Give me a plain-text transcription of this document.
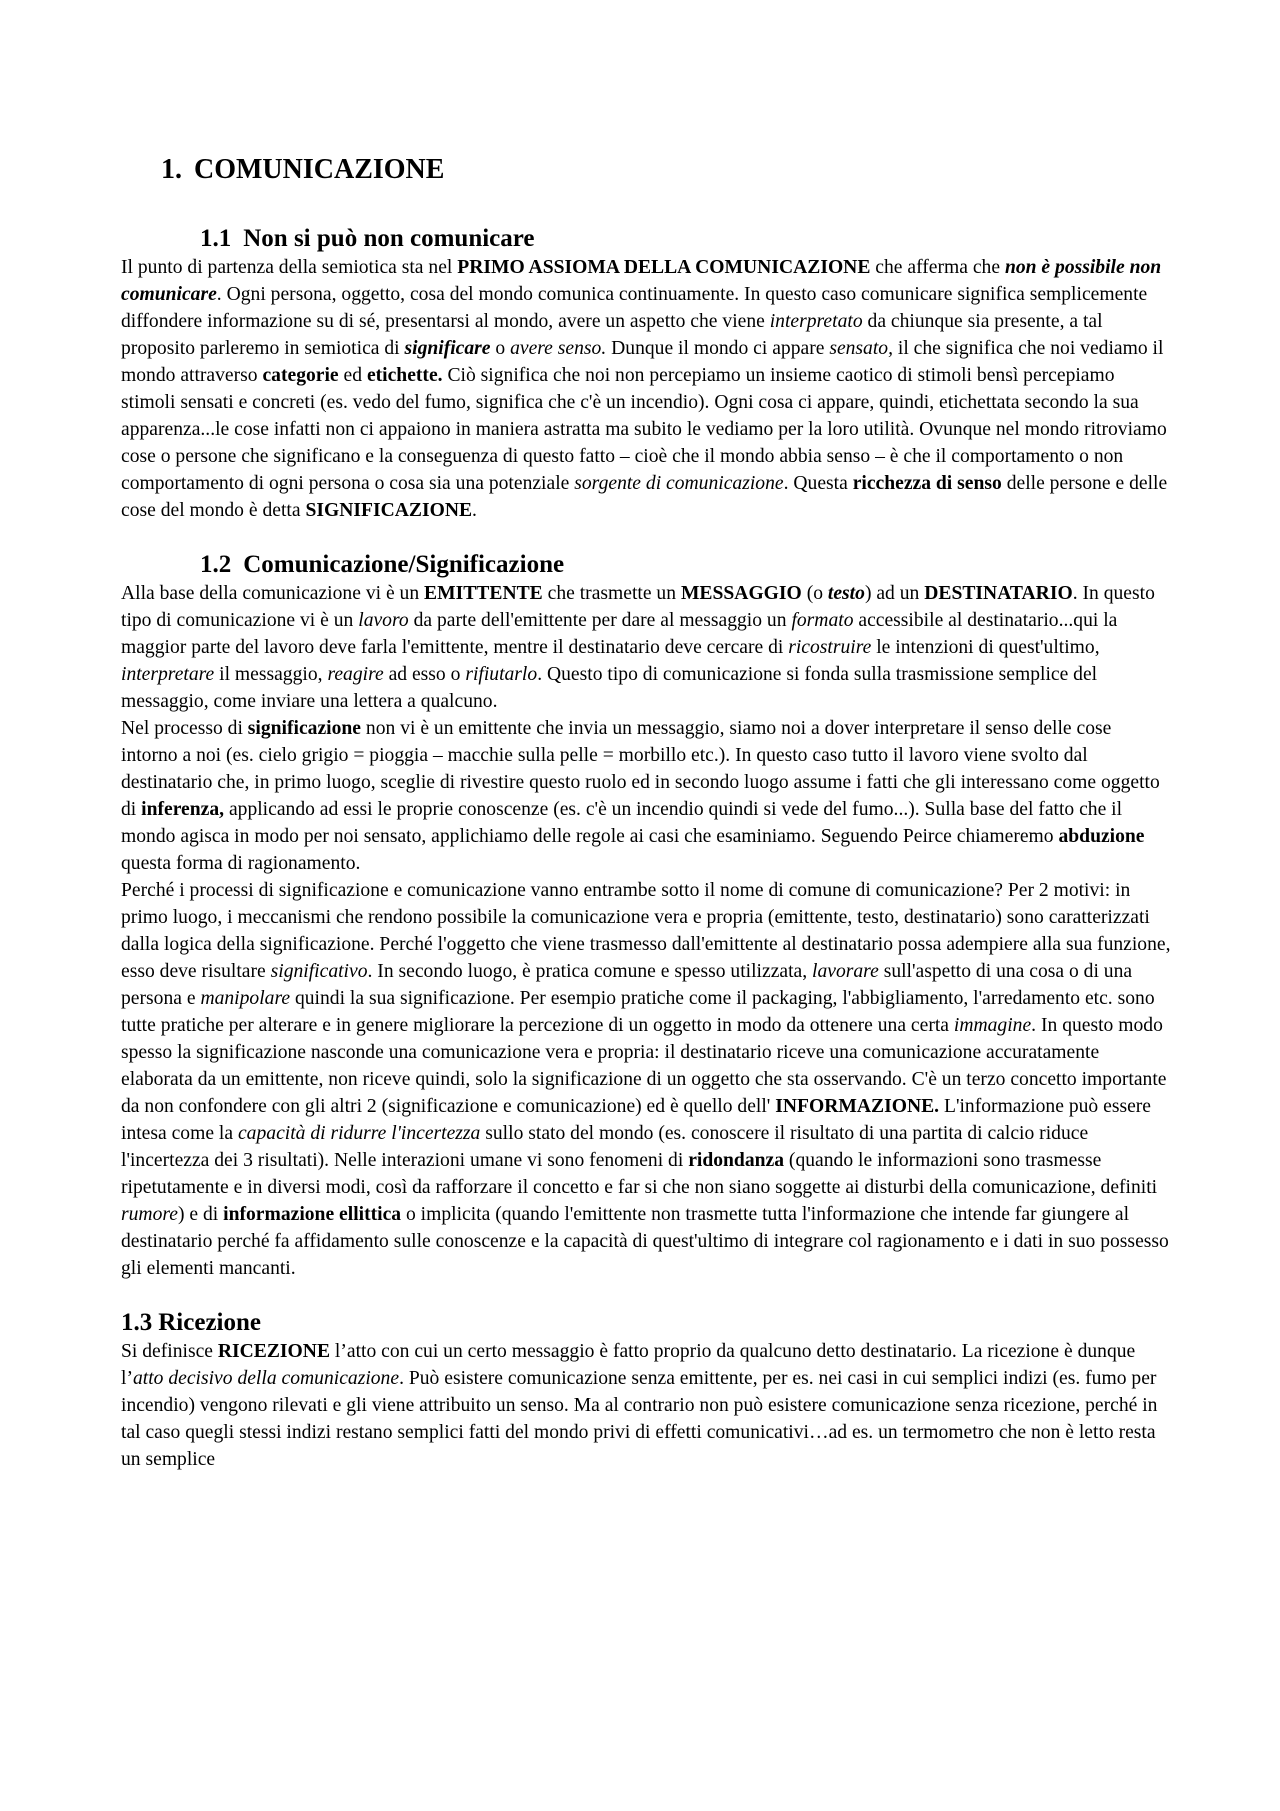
1. COMUNICAZIONE
1.1 Non si può non comunicare

Il punto di partenza della semiotica sta nel PRIMO ASSIOMA DELLA COMUNICAZIONE che afferma che non è possibile non comunicare. Ogni persona, oggetto, cosa del mondo comunica continuamente. In questo caso comunicare significa semplicemente diffondere informazione su di sé, presentarsi al mondo, avere un aspetto che viene interpretato da chiunque sia presente, a tal proposito parleremo in semiotica di significare o avere senso. Dunque il mondo ci appare sensato, il che significa che noi vediamo il mondo attraverso categorie ed etichette. Ciò significa che noi non percepiamo un insieme caotico di stimoli bensì percepiamo stimoli sensati e concreti (es. vedo del fumo, significa che c'è un incendio). Ogni cosa ci appare, quindi, etichettata secondo la sua apparenza...le cose infatti non ci appaiono in maniera astratta ma subito le vediamo per la loro utilità. Ovunque nel mondo ritroviamo cose o persone che significano e la conseguenza di questo fatto – cioè che il mondo abbia senso – è che il comportamento o non comportamento di ogni persona o cosa sia una potenziale sorgente di comunicazione. Questa ricchezza di senso delle persone e delle cose del mondo è detta SIGNIFICAZIONE.

1.2 Comunicazione/Significazione

Alla base della comunicazione vi è un EMITTENTE che trasmette un MESSAGGIO (o testo) ad un DESTINATARIO. In questo tipo di comunicazione vi è un lavoro da parte dell'emittente per dare al messaggio un formato accessibile al destinatario...qui la maggior parte del lavoro deve farla l'emittente, mentre il destinatario deve cercare di ricostruire le intenzioni di quest'ultimo, interpretare il messaggio, reagire ad esso o rifiutarlo. Questo tipo di comunicazione si fonda sulla trasmissione semplice del messaggio, come inviare una lettera a qualcuno.

Nel processo di significazione non vi è un emittente che invia un messaggio, siamo noi a dover interpretare il senso delle cose intorno a noi (es. cielo grigio = pioggia – macchie sulla pelle = morbillo etc.). In questo caso tutto il lavoro viene svolto dal destinatario che, in primo luogo, sceglie di rivestire questo ruolo ed in secondo luogo assume i fatti che gli interessano come oggetto di inferenza, applicando ad essi le proprie conoscenze (es. c'è un incendio quindi si vede del fumo...). Sulla base del fatto che il mondo agisca in modo per noi sensato, applichiamo delle regole ai casi che esaminiamo. Seguendo Peirce chiameremo abduzione questa forma di ragionamento.

Perché i processi di significazione e comunicazione vanno entrambe sotto il nome di comune di comunicazione? Per 2 motivi: in primo luogo, i meccanismi che rendono possibile la comunicazione vera e propria (emittente, testo, destinatario) sono caratterizzati dalla logica della significazione. Perché l'oggetto che viene trasmesso dall'emittente al destinatario possa adempiere alla sua funzione, esso deve risultare significativo. In secondo luogo, è pratica comune e spesso utilizzata, lavorare sull'aspetto di una cosa o di una persona e manipolare quindi la sua significazione. Per esempio pratiche come il packaging, l'abbigliamento, l'arredamento etc. sono tutte pratiche per alterare e in genere migliorare la percezione di un oggetto in modo da ottenere una certa immagine. In questo modo spesso la significazione nasconde una comunicazione vera e propria: il destinatario riceve una comunicazione accuratamente elaborata da un emittente, non riceve quindi, solo la significazione di un oggetto che sta osservando. C'è un terzo concetto importante da non confondere con gli altri 2 (significazione e comunicazione) ed è quello dell' INFORMAZIONE. L'informazione può essere intesa come la capacità di ridurre l'incertezza sullo stato del mondo (es. conoscere il risultato di una partita di calcio riduce l'incertezza dei 3 risultati). Nelle interazioni umane vi sono fenomeni di ridondanza (quando le informazioni sono trasmesse ripetutamente e in diversi modi, così da rafforzare il concetto e far si che non siano soggette ai disturbi della comunicazione, definiti rumore) e di informazione ellittica o implicita (quando l'emittente non trasmette tutta l'informazione che intende far giungere al destinatario perché fa affidamento sulle conoscenze e la capacità di quest'ultimo di integrare col ragionamento e i dati in suo possesso gli elementi mancanti.

1.3 Ricezione

Si definisce RICEZIONE l’atto con cui un certo messaggio è fatto proprio da qualcuno detto destinatario. La ricezione è dunque l’atto decisivo della comunicazione. Può esistere comunicazione senza emittente, per es. nei casi in cui semplici indizi (es. fumo per incendio) vengono rilevati e gli viene attribuito un senso. Ma al contrario non può esistere comunicazione senza ricezione, perché in tal caso quegli stessi indizi restano semplici fatti del mondo privi di effetti comunicativi…ad es. un termometro che non è letto resta un semplice
